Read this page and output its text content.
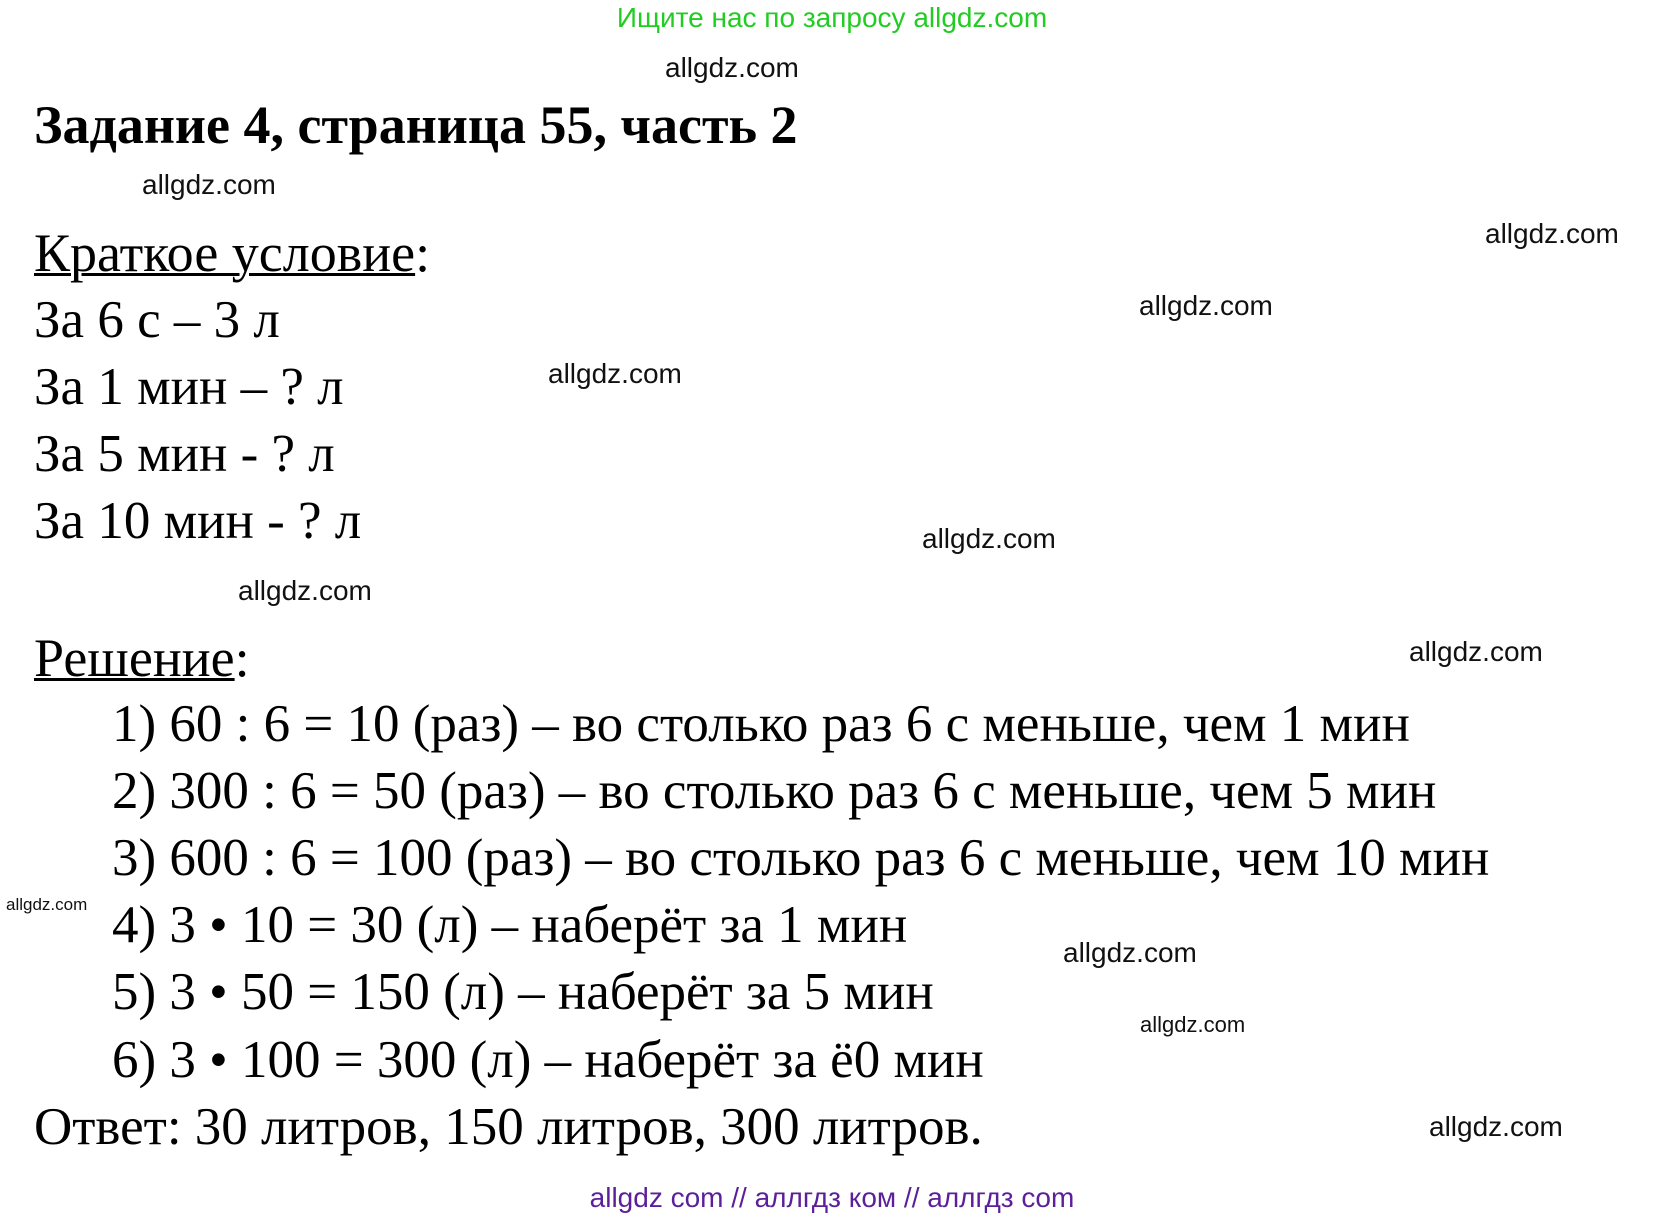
Ищите нас по запросу allgdz.com
Задание 4, страница 55, часть 2
Краткое условие:
За 6 с – 3 л
За 1 мин – ? л
За 5 мин - ? л
За 10 мин - ? л
Решение:
1) 60 : 6 = 10 (раз) – во столько раз 6 с меньше, чем 1 мин
2) 300 : 6 = 50 (раз) – во столько раз 6 с меньше, чем 5 мин
3) 600 : 6 = 100 (раз) – во столько раз 6 с меньше, чем 10 мин
4) 3 • 10 = 30 (л) – наберёт за 1 мин
5) 3 • 50 = 150 (л) – наберёт за 5 мин
6) 3 • 100 = 300 (л) – наберёт за ё0 мин
Ответ: 30 литров, 150 литров, 300 литров.
allgdz.com
allgdz.com
allgdz.com
allgdz.com
allgdz.com
allgdz.com
allgdz.com
allgdz.com
allgdz.com
allgdz.com
allgdz.com
allgdz.com
allgdz com // аллгдз ком // аллгдз com
